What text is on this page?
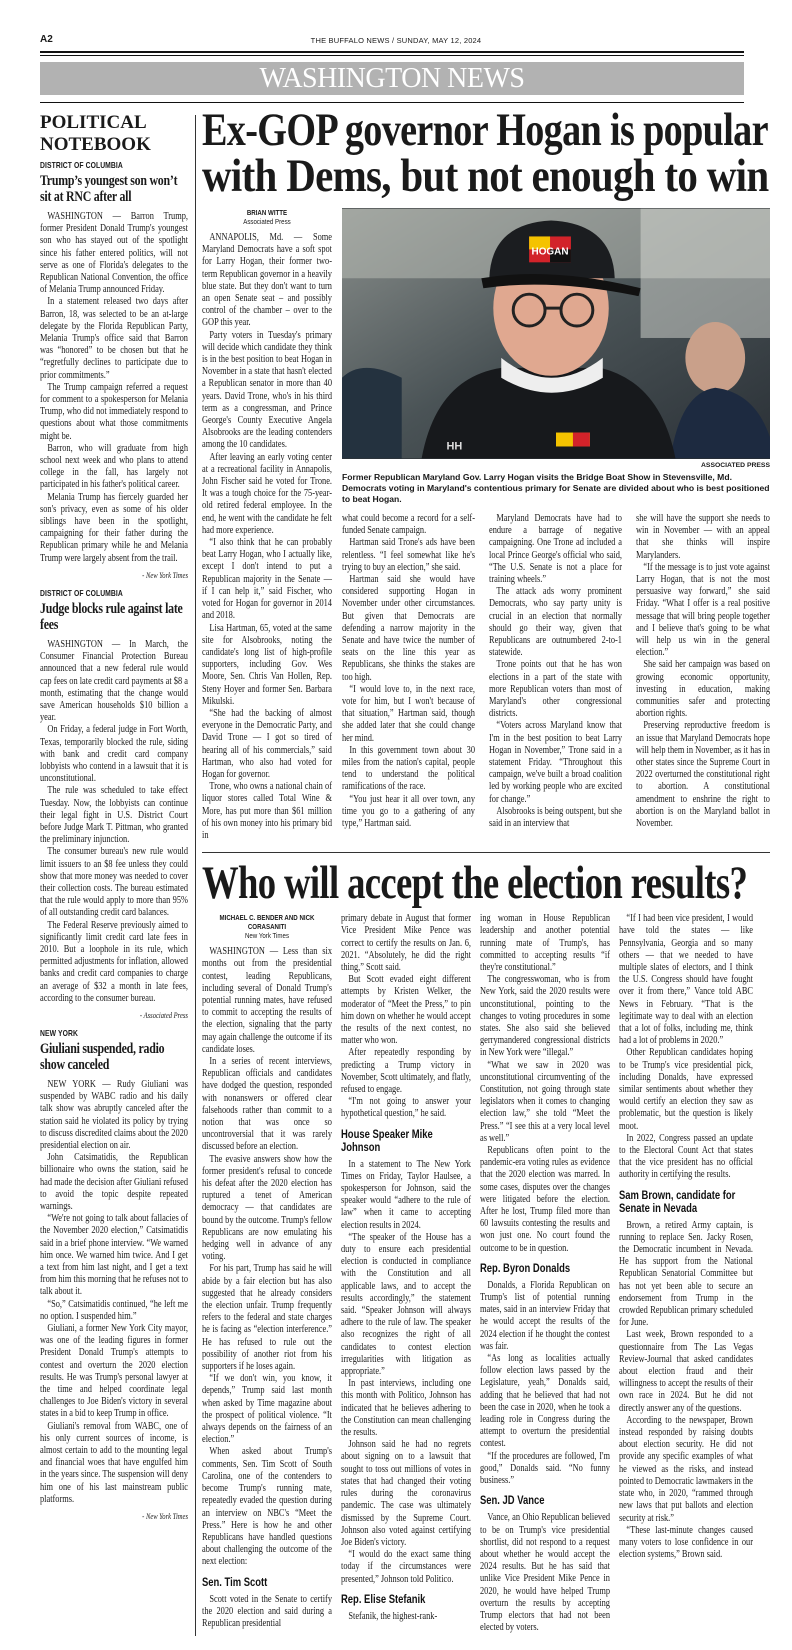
A2	THE BUFFALO NEWS / SUNDAY, MAY 12, 2024
WASHINGTON NEWS
POLITICAL NOTEBOOK
DISTRICT OF COLUMBIA
Trump’s youngest son won’t sit at RNC after all

WASHINGTON — Barron Trump, former President Donald Trump's youngest son who has stayed out of the spotlight since his father entered politics, will not serve as one of Florida's delegates to the Republican National Convention, the office of Melania Trump announced Friday.

In a statement released two days after Barron, 18, was selected to be an at-large delegate by the Florida Republican Party, Melania Trump's office said that Barron was “honored” to be chosen but that he “regretfully declines to participate due to prior commitments.”

The Trump campaign referred a request for comment to a spokesperson for Melania Trump, who did not immediately respond to questions about what those commitments might be.

Barron, who will graduate from high school next week and who plans to attend college in the fall, has largely not participated in his father's political career.

Melania Trump has fiercely guarded her son's privacy, even as some of his older siblings have been in the spotlight, campaigning for their father during the Republican primary while he and Melania Trump were largely absent from the trail.

- New York Times
DISTRICT OF COLUMBIA
Judge blocks rule against late fees

WASHINGTON — In March, the Consumer Financial Protection Bureau announced that a new federal rule would cap fees on late credit card payments at $8 a month, estimating that the change would save American households $10 billion a year.

On Friday, a federal judge in Fort Worth, Texas, temporarily blocked the rule, siding with bank and credit card company lobbyists who contend in a lawsuit that it is unconstitutional.

The rule was scheduled to take effect Tuesday. Now, the lobbyists can continue their legal fight in U.S. District Court before Judge Mark T. Pittman, who granted the preliminary injunction.

The consumer bureau's new rule would limit issuers to an $8 fee unless they could show that more money was needed to cover their collection costs. The bureau estimated that the rule would apply to more than 95% of all outstanding credit card balances.

The Federal Reserve previously aimed to significantly limit credit card late fees in 2010. But a loophole in its rule, which permitted adjustments for inflation, allowed banks and credit card companies to charge an average of $32 a month in late fees, according to the consumer bureau.

- Associated Press
NEW YORK
Giuliani suspended, radio show canceled

NEW YORK — Rudy Giuliani was suspended by WABC radio and his daily talk show was abruptly canceled after the station said he violated its policy by trying to discuss discredited claims about the 2020 presidential election on air.

John Catsimatidis, the Republican billionaire who owns the station, said he had made the decision after Giuliani refused to avoid the topic despite repeated warnings.

“We're not going to talk about fallacies of the November 2020 election,” Catsimatidis said in a brief phone interview. “We warned him once. We warned him twice. And I get a text from him last night, and I get a text from him this morning that he refuses not to talk about it.

“So,” Catsimatidis continued, “he left me no option. I suspended him.”

Giuliani, a former New York City mayor, was one of the leading figures in former President Donald Trump's attempts to contest and overturn the 2020 election results. He was Trump's personal lawyer at the time and helped coordinate legal challenges to Joe Biden's victory in several states in a bid to keep Trump in office.

Giuliani's removal from WABC, one of his only current sources of income, is almost certain to add to the mounting legal and financial woes that have engulfed him in the years since. The suspension will deny him one of his last mainstream public platforms.

- New York Times
Ex-GOP governor Hogan is popular
with Dems, but not enough to win
BRIAN WITTE
Associated Press

ANNAPOLIS, Md. — Some Maryland Democrats have a soft spot for Larry Hogan, their former two-term Republican governor in a heavily blue state. But they don't want to turn an open Senate seat – and possibly control of the chamber – over to the GOP this year.

Party voters in Tuesday's primary will decide which candidate they think is in the best position to beat Hogan in November in a state that hasn't elected a Republican senator in more than 40 years. David Trone, who's in his third term as a congressman, and Prince George's County Executive Angela Alsobrooks are the leading contenders among the 10 candidates.

After leaving an early voting center at a recreational facility in Annapolis, John Fischer said he voted for Trone. It was a tough choice for the 75-year-old retired federal employee. In the end, he went with the candidate he felt had more experience.

“I also think that he can probably beat Larry Hogan, who I actually like, except I don't intend to put a Republican majority in the Senate — if I can help it,” said Fischer, who voted for Hogan for governor in 2014 and 2018.

Lisa Hartman, 65, voted at the same site for Alsobrooks, noting the candidate's long list of high-profile supporters, including Gov. Wes Moore, Sen. Chris Van Hollen, Rep. Steny Hoyer and former Sen. Barbara Mikulski.

“She had the backing of almost everyone in the Democratic Party, and David Trone — I got so tired of hearing all of his commercials,” said Hartman, who also had voted for Hogan for governor.

Trone, who owns a national chain of liquor stores called Total Wine & More, has put more than $61 million of his own money into his primary bid in

HOGAN
HH
ASSOCIATED PRESS
Former Republican Maryland Gov. Larry Hogan visits the Bridge Boat Show in Stevensville, Md. Democrats voting in Maryland's contentious primary for Senate are divided about who is best positioned to beat Hogan.

what could become a record for a self-funded Senate campaign.

Hartman said Trone's ads have been relentless. “I feel somewhat like he's trying to buy an election,” she said.

Hartman said she would have considered supporting Hogan in November under other circumstances. But given that Democrats are defending a narrow majority in the Senate and have twice the number of seats on the line this year as Republicans, she thinks the stakes are too high.

“I would love to, in the next race, vote for him, but I won't because of that situation,” Hartman said, though she added later that she could change her mind.

In this government town about 30 miles from the nation's capital, people tend to understand the political ramifications of the race.

“You just hear it all over town, any time you go to a gathering of any type,” Hartman said.

Maryland Democrats have had to endure a barrage of negative campaigning. One Trone ad included a local Prince George's official who said, “The U.S. Senate is not a place for training wheels.”

The attack ads worry prominent Democrats, who say party unity is crucial in an election that normally should go their way, given that Republicans are outnumbered 2-to-1 statewide.

Trone points out that he has won elections in a part of the state with more Republican voters than most of Maryland's other congressional districts.

“Voters across Maryland know that I'm in the best position to beat Larry Hogan in November,” Trone said in a statement Friday. “Throughout this campaign, we've built a broad coalition led by working people who are excited for change.”

Alsobrooks is being outspent, but she said in an interview that

she will have the support she needs to win in November — with an appeal that she thinks will inspire Marylanders.

“If the message is to just vote against Larry Hogan, that is not the most persuasive way forward,” she said Friday. “What I offer is a real positive message that will bring people together and I believe that's going to be what will help us win in the general election.”

She said her campaign was based on growing economic opportunity, investing in education, making communities safer and protecting abortion rights.

Preserving reproductive freedom is an issue that Maryland Democrats hope will help them in November, as it has in other states since the Supreme Court in 2022 overturned the constitutional right to abortion. A constitutional amendment to enshrine the right to abortion is on the Maryland ballot in November.

Who will accept the election results?
MICHAEL C. BENDER AND NICK CORASANITI
New York Times

WASHINGTON — Less than six months out from the presidential contest, leading Republicans, including several of Donald Trump's potential running mates, have refused to commit to accepting the results of the election, signaling that the party may again challenge the outcome if its candidate loses.

In a series of recent interviews, Republican officials and candidates have dodged the question, responded with nonanswers or offered clear falsehoods rather than commit to a notion that was once so uncontroversial that it was rarely discussed before an election.

The evasive answers show how the former president's refusal to concede his defeat after the 2020 election has ruptured a tenet of American democracy — that candidates are bound by the outcome. Trump's fellow Republicans are now emulating his hedging well in advance of any voting.

For his part, Trump has said he will abide by a fair election but has also suggested that he already considers the election unfair. Trump frequently refers to the federal and state charges he is facing as “election interference.” He has refused to rule out the possibility of another riot from his supporters if he loses again.

“If we don't win, you know, it depends,” Trump said last month when asked by Time magazine about the prospect of political violence. “It always depends on the fairness of an election.”

When asked about Trump's comments, Sen. Tim Scott of South Carolina, one of the contenders to become Trump's running mate, repeatedly evaded the question during an interview on NBC's “Meet the Press.” Here is how he and other Republicans have handled questions about challenging the outcome of the next election:

Sen. Tim Scott

Scott voted in the Senate to certify the 2020 election and said during a Republican presidential

primary debate in August that former Vice President Mike Pence was correct to certify the results on Jan. 6, 2021. “Absolutely, he did the right thing,” Scott said.

But Scott evaded eight different attempts by Kristen Welker, the moderator of “Meet the Press,” to pin him down on whether he would accept the results of the next contest, no matter who won.

After repeatedly responding by predicting a Trump victory in November, Scott ultimately, and flatly, refused to engage.

“I'm not going to answer your hypothetical question,” he said.

House Speaker Mike Johnson

In a statement to The New York Times on Friday, Taylor Haulsee, a spokesperson for Johnson, said the speaker would “adhere to the rule of law” when it came to accepting election results in 2024.

“The speaker of the House has a duty to ensure each presidential election is conducted in compliance with the Constitution and all applicable laws, and to accept the results accordingly,” the statement said. “Speaker Johnson will always adhere to the rule of law. The speaker also recognizes the right of all candidates to contest election irregularities with litigation as appropriate.”

In past interviews, including one this month with Politico, Johnson has indicated that he believes adhering to the Constitution can mean challenging the results.

Johnson said he had no regrets about signing on to a lawsuit that sought to toss out millions of votes in states that had changed their voting rules during the coronavirus pandemic. The case was ultimately dismissed by the Supreme Court. Johnson also voted against certifying Joe Biden's victory.

“I would do the exact same thing today if the circumstances were presented,” Johnson told Politico.

Rep. Elise Stefanik

Stefanik, the highest-rank-

ing woman in House Republican leadership and another potential running mate of Trump's, has committed to accepting results “if they're constitutional.”

The congresswoman, who is from New York, said the 2020 results were unconstitutional, pointing to the changes to voting procedures in some states. She also said she believed gerrymandered congressional districts in New York were “illegal.”

“What we saw in 2020 was unconstitutional circumventing of the Constitution, not going through state legislators when it comes to changing election law,” she told “Meet the Press.” “I see this at a very local level as well.”

Republicans often point to the pandemic-era voting rules as evidence that the 2020 election was marred. In some cases, disputes over the changes were litigated before the election. After he lost, Trump filed more than 60 lawsuits contesting the results and won just one. No court found the outcome to be in question.

Rep. Byron Donalds

Donalds, a Florida Republican on Trump's list of potential running mates, said in an interview Friday that he would accept the results of the 2024 election if he thought the contest was fair.

“As long as localities actually follow election laws passed by the Legislature, yeah,” Donalds said, adding that he believed that had not been the case in 2020, when he took a leading role in Congress during the attempt to overturn the presidential contest.

“If the procedures are followed, I'm good,” Donalds said. “No funny business.”

Sen. JD Vance

Vance, an Ohio Republican believed to be on Trump's vice presidential shortlist, did not respond to a request about whether he would accept the 2024 results. But he has said that unlike Vice President Mike Pence in 2020, he would have helped Trump overturn the results by accepting Trump electors that had not been elected by voters.

“If I had been vice president, I would have told the states — like Pennsylvania, Georgia and so many others — that we needed to have multiple slates of electors, and I think the U.S. Congress should have fought over it from there,” Vance told ABC News in February. “That is the legitimate way to deal with an election that a lot of folks, including me, think had a lot of problems in 2020.”

Other Republican candidates hoping to be Trump's vice presidential pick, including Donalds, have expressed similar sentiments about whether they would certify an election they saw as problematic, but the question is likely moot.

In 2022, Congress passed an update to the Electoral Count Act that states that the vice president has no official authority in certifying the results.

Sam Brown, candidate for Senate in Nevada

Brown, a retired Army captain, is running to replace Sen. Jacky Rosen, the Democratic incumbent in Nevada. He has support from the National Republican Senatorial Committee but has not yet been able to secure an endorsement from Trump in the crowded Republican primary scheduled for June.

Last week, Brown responded to a questionnaire from The Las Vegas Review-Journal that asked candidates about election fraud and their willingness to accept the results of their own race in 2024. But he did not directly answer any of the questions.

According to the newspaper, Brown instead responded by raising doubts about election security. He did not provide any specific examples of what he viewed as the risks, and instead pointed to Democratic lawmakers in the state who, in 2020, “rammed through new laws that put ballots and election security at risk.”

“These last-minute changes caused many voters to lose confidence in our election systems,” Brown said.
